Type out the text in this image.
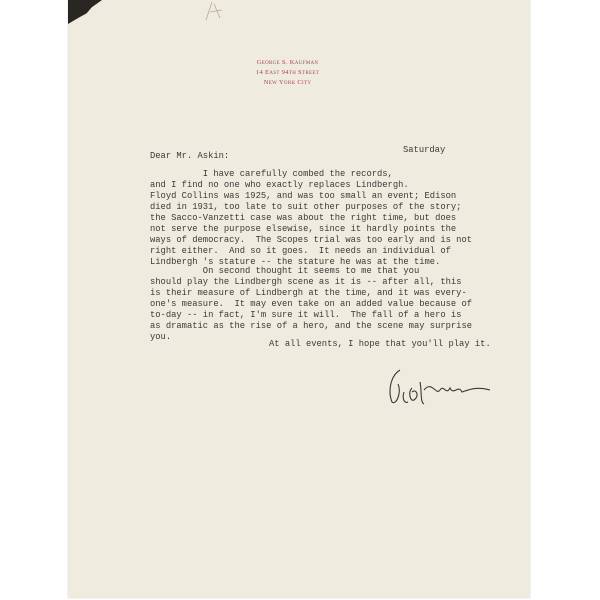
George S. Kaufman
14 East 94th Street
New York City
Saturday
Dear Mr. Askin:
I have carefully combed the records,
and I find no one who exactly replaces Lindbergh.
Floyd Collins was 1925, and was too small an event; Edison
died in 1931, too late to suit other purposes of the story;
the Sacco-Vanzetti case was about the right time, but does
not serve the purpose elsewise, since it hardly points the
ways of democracy.  The Scopes trial was too early and is not
right either.  And so it goes.  It needs an individual of
Lindbergh 's stature -- the stature he was at the time.
On second thought it seems to me that you
should play the Lindbergh scene as it is -- after all, this
is their measure of Lindbergh at the time, and it was every-
one's measure.  It may even take on an added value because of
to-day -- in fact, I'm sure it will.  The fall of a hero is
as dramatic as the rise of a hero, and the scene may surprise
you.
At all events, I hope that you'll play it.
